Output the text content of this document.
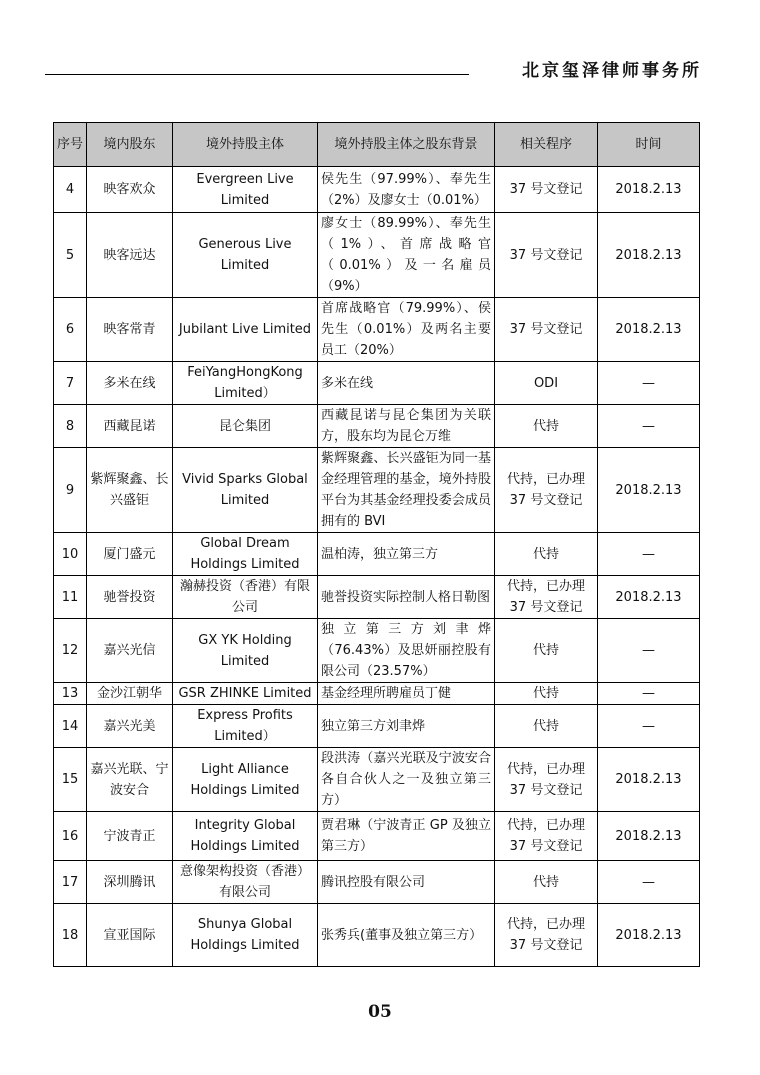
北京玺泽律师事务所
序号	境内股东	境外持股主体	境外持股主体之股东背景	相关程序	时间
4	映客欢众	Evergreen Live Limited	侯先生（97.99%）、奉先生（2%）及廖女士（0.01%）	37 号文登记	2018.2.13
5	映客远达	Generous Live Limited	廖女士（89.99%）、奉先生（1%）、首席战略官（0.01%）及一名雇员（9%）	37 号文登记	2018.2.13
6	映客常青	Jubilant Live Limited	首席战略官（79.99%）、侯先生（0.01%）及两名主要员工（20%）	37 号文登记	2018.2.13
7	多米在线	FeiYangHongKong Limited）	多米在线	ODI	—
8	西藏昆诺	昆仑集团	西藏昆诺与昆仑集团为关联方，股东均为昆仑万维	代持	—
9	紫辉聚鑫、长兴盛钜	Vivid Sparks Global Limited	紫辉聚鑫、长兴盛钜为同一基金经理管理的基金，境外持股平台为其基金经理投委会成员拥有的 BVI	代持，已办理 37 号文登记	2018.2.13
10	厦门盛元	Global Dream Holdings Limited	温柏涛，独立第三方	代持	—
11	驰誉投资	瀚赫投资（香港）有限公司	驰誉投资实际控制人格日勒图	代持，已办理 37 号文登记	2018.2.13
12	嘉兴光信	GX YK Holding Limited	独立第三方刘聿烨（76.43%）及思妍丽控股有限公司（23.57%）	代持	—
13	金沙江朝华	GSR ZHINKE Limited	基金经理所聘雇员丁健	代持	—
14	嘉兴光美	Express Profits Limited）	独立第三方刘聿烨	代持	—
15	嘉兴光联、宁波安合	Light Alliance Holdings Limited	段洪涛（嘉兴光联及宁波安合各自合伙人之一及独立第三方）	代持，已办理 37 号文登记	2018.2.13
16	宁波青正	Integrity Global Holdings Limited	贾君琳（宁波青正 GP 及独立第三方）	代持，已办理 37 号文登记	2018.2.13
17	深圳腾讯	意像架构投资（香港）有限公司	腾讯控股有限公司	代持	—
18	宣亚国际	Shunya Global Holdings Limited	张秀兵(董事及独立第三方）	代持，已办理 37 号文登记	2018.2.13
05
